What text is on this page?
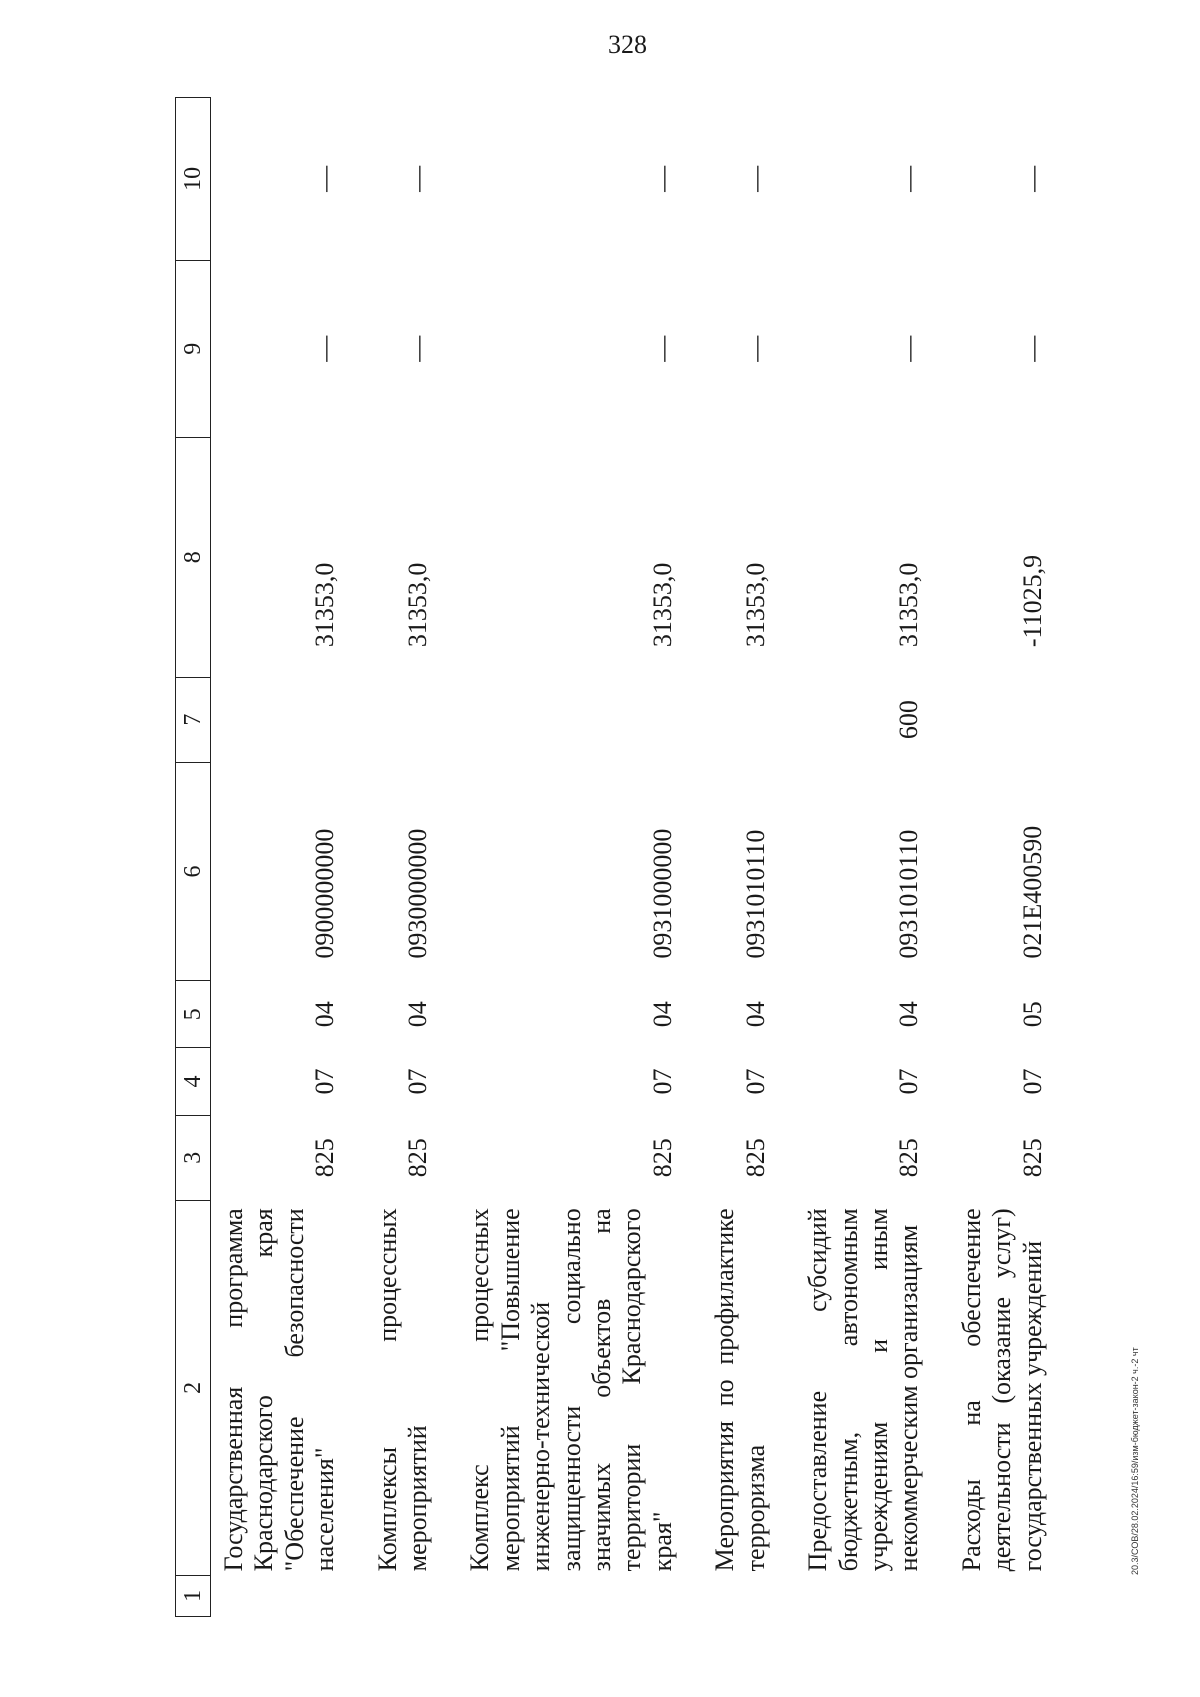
328
20.3/СОВ/28.02.2024/16:59/изм-бюджет-закон-2 ч.-2 чт
1	2	3	4	5	6	7	8	9	10
	Государственная программа Краснодарского края "Обеспечение безопасности населения"	825	07	04	0900000000		31353,0	—	—
	Комплексы процессных мероприятий	825	07	04	0930000000		31353,0	—	—
	Комплекс процессных мероприятий "Повышение инженерно-технической защищенности социально значимых объектов на территории Краснодарского края"	825	07	04	0931000000		31353,0	—	—
	Мероприятия по профилактике терроризма	825	07	04	0931010110		31353,0	—	—
	Предоставление субсидий бюджетным, автономным учреждениям и иным некоммерческим организациям	825	07	04	0931010110	600	31353,0	—	—
	Расходы на обеспечение деятельности (оказание услуг) государственных учреждений	825	07	05	021E400590		-11025,9	—	—
